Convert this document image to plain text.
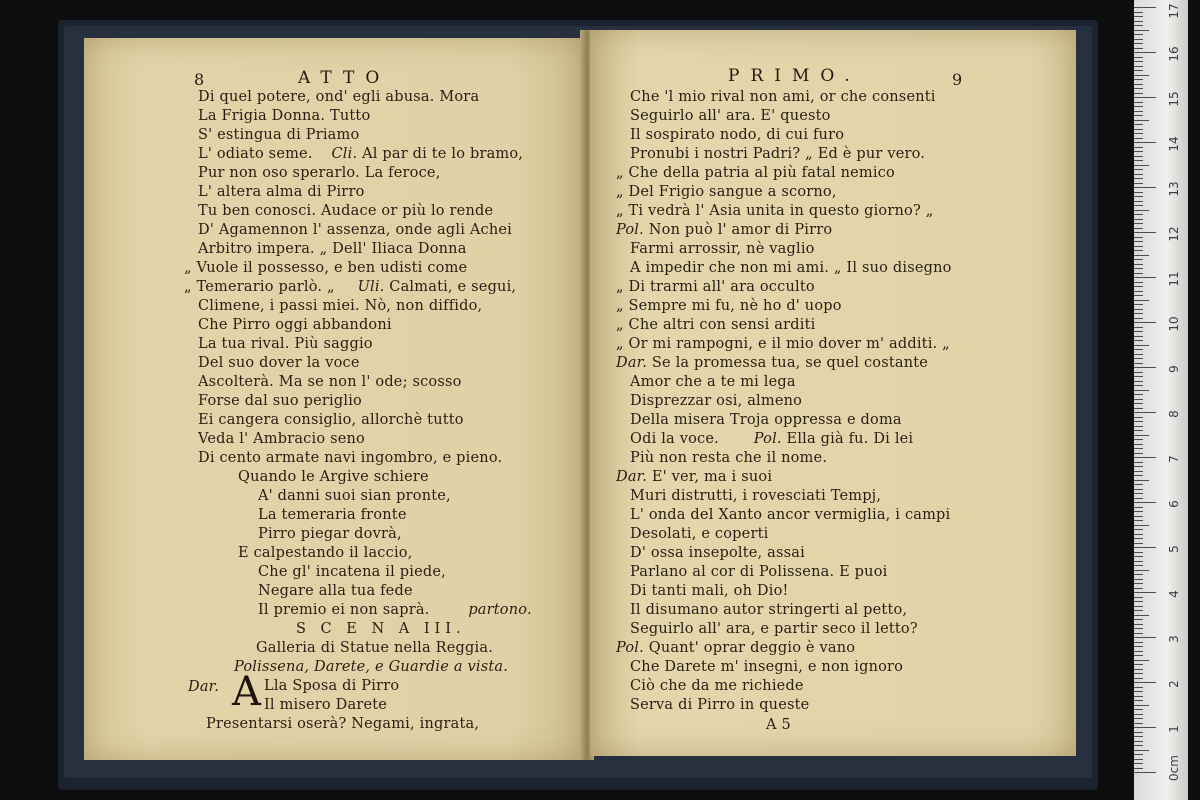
8	ATTO
Di quel potere, ond' egli abusa. Mora
La Frigia Donna. Tutto
S' estingua di Priamo
L' odiato seme. Cli. Al par di te lo bramo,
Pur non oso sperarlo. La feroce,
L' altera alma di Pirro
Tu ben conosci. Audace or più lo rende
D' Agamennon l' assenza, onde agli Achei
Arbitro impera. „ Dell' Iliaca Donna
„ Vuole il possesso, e ben udisti come
„ Temerario parlò. „ Uli. Calmati, e segui,
Climene, i passi miei. Nò, non diffido,
Che Pirro oggi abbandoni
La tua rival. Più saggio
Del suo dover la voce
Ascolterà. Ma se non l' ode; scosso
Forse dal suo periglio
Ei cangera consiglio, allorchè tutto
Veda l' Ambracio seno
Di cento armate navi ingombro, e pieno.
Quando le Argive schiere
A' danni suoi sian pronte,
La temeraria fronte
Pirro piegar dovrà,
E calpestando il laccio,
Che gl' incatena il piede,
Negare alla tua fede
Il premio ei non saprà.	partono.
S C E N A III.
Galleria di Statue nella Reggia.
Polissena, Darete, e Guardie a vista.
Dar. A Lla Sposa di Pirro
Il misero Darete
Presentarsi oserà? Negami, ingrata,
PRIMO.	9
Che 'l mio rival non ami, or che consenti
Seguirlo all' ara. E' questo
Il sospirato nodo, di cui furo
Pronubi i nostri Padri? „ Ed è pur vero.
„ Che della patria al più fatal nemico
„ Del Frigio sangue a scorno,
„ Ti vedrà l' Asia unita in questo giorno? „
Pol. Non può l' amor di Pirro
Farmi arrossir, nè vaglio
A impedir che non mi ami. „ Il suo disegno
„ Di trarmi all' ara occulto
„ Sempre mi fu, nè ho d' uopo
„ Che altri con sensi arditi
„ Or mi rampogni, e il mio dover m' additi. „
Dar. Se la promessa tua, se quel costante
Amor che a te mi lega
Disprezzar osi, almeno
Della misera Troja oppressa e doma
Odi la voce. Pol. Ella già fu. Di lei
Più non resta che il nome.
Dar. E' ver, ma i suoi
Muri distrutti, i rovesciati Tempj,
L' onda del Xanto ancor vermiglia, i campi
Desolati, e coperti
D' ossa insepolte, assai
Parlano al cor di Polissena. E puoi
Di tanti mali, oh Dio!
Il disumano autor stringerti al petto,
Seguirlo all' ara, e partir seco il letto?
Pol. Quant' oprar deggio è vano
Che Darete m' insegni, e non ignoro
Ciò che da me richiede
Serva di Pirro in queste
A 5
0cm
1
2
3
4
5
6
7
8
9
10
11
12
13
14
15
16
17
